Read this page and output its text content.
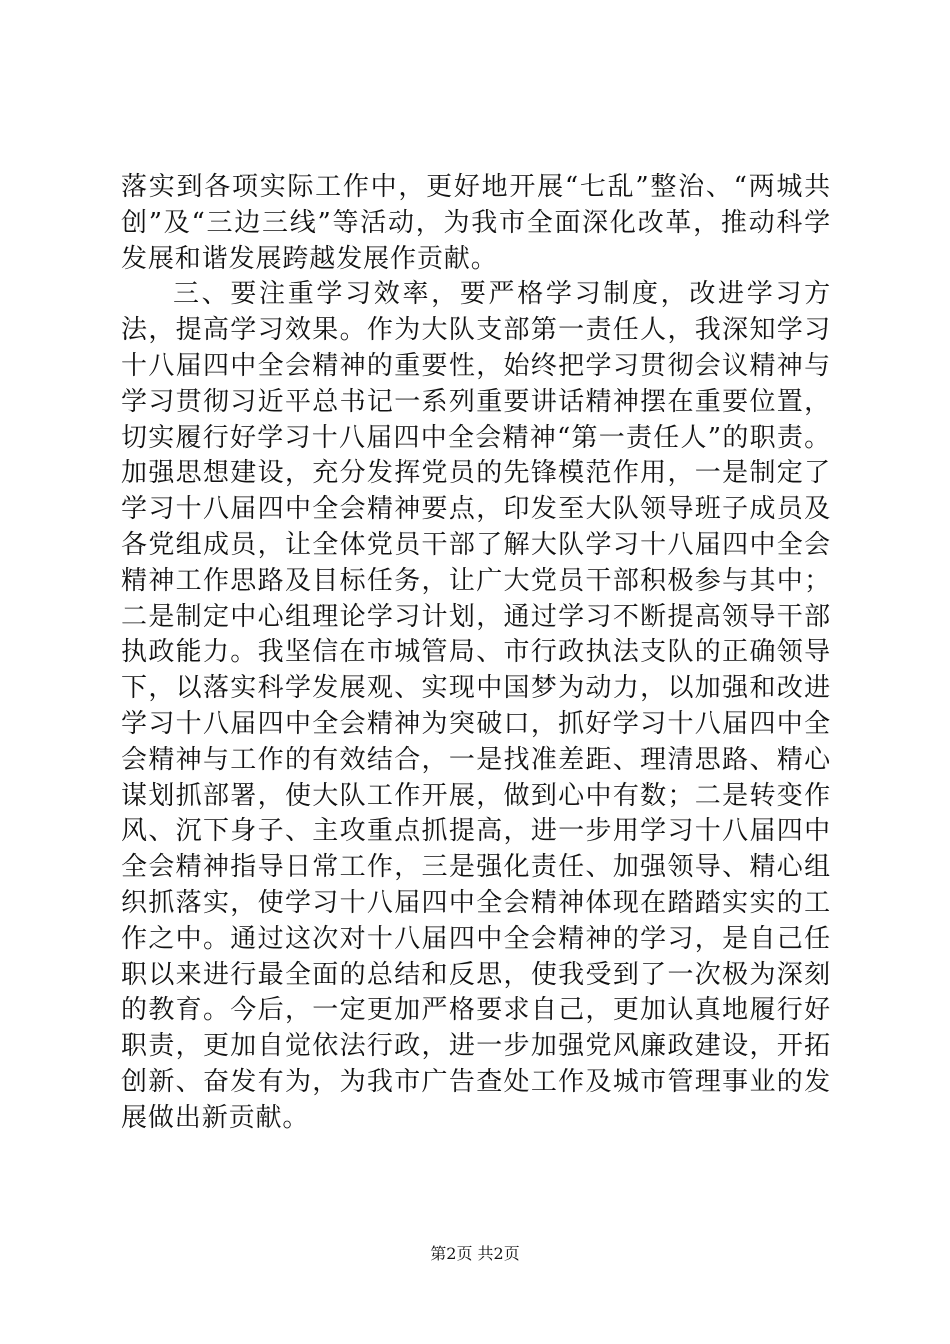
落实到各项实际工作中，更好地开展“七乱”整治、“两城共创”及“三边三线”等活动，为我市全面深化改革，推动科学发展和谐发展跨越发展作贡献。

三、要注重学习效率，要严格学习制度，改进学习方法，提高学习效果。作为大队支部第一责任人，我深知学习十八届四中全会精神的重要性，始终把学习贯彻会议精神与学习贯彻习近平总书记一系列重要讲话精神摆在重要位置，切实履行好学习十八届四中全会精神“第一责任人”的职责。加强思想建设，充分发挥党员的先锋模范作用，一是制定了学习十八届四中全会精神要点，印发至大队领导班子成员及各党组成员，让全体党员干部了解大队学习十八届四中全会精神工作思路及目标任务，让广大党员干部积极参与其中；二是制定中心组理论学习计划，通过学习不断提高领导干部执政能力。我坚信在市城管局、市行政执法支队的正确领导下，以落实科学发展观、实现中国梦为动力，以加强和改进学习十八届四中全会精神为突破口，抓好学习十八届四中全会精神与工作的有效结合，一是找准差距、理清思路、精心谋划抓部署，使大队工作开展，做到心中有数；二是转变作风、沉下身子、主攻重点抓提高，进一步用学习十八届四中全会精神指导日常工作，三是强化责任、加强领导、精心组织抓落实，使学习十八届四中全会精神体现在踏踏实实的工作之中。通过这次对十八届四中全会精神的学习，是自己任职以来进行最全面的总结和反思，使我受到了一次极为深刻的教育。今后，一定更加严格要求自己，更加认真地履行好职责，更加自觉依法行政，进一步加强党风廉政建设，开拓创新、奋发有为，为我市广告查处工作及城市管理事业的发展做出新贡献。

第2页 共2页
